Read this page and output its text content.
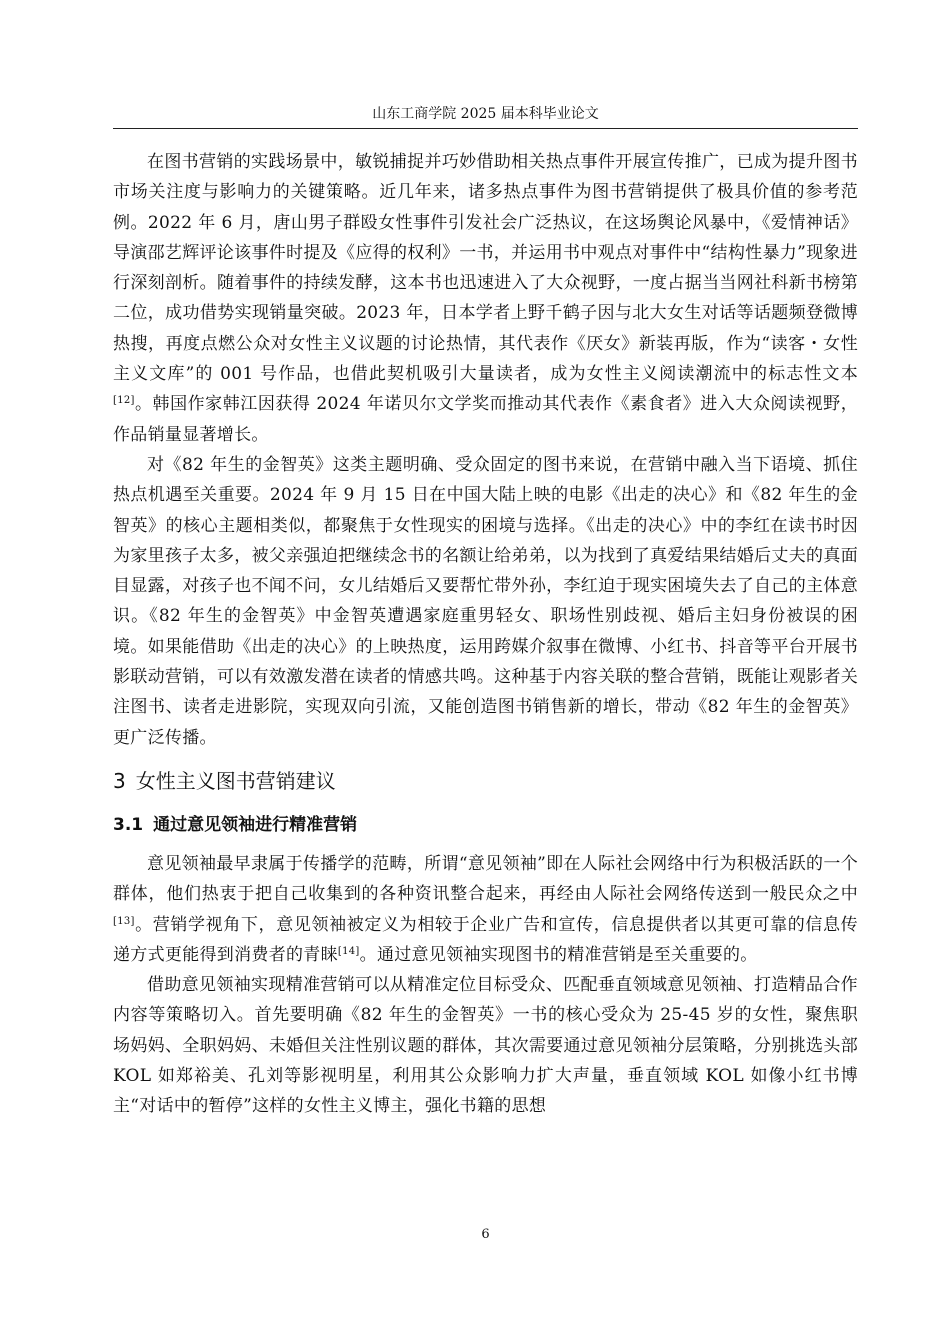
山东工商学院 2025 届本科毕业论文

在图书营销的实践场景中，敏锐捕捉并巧妙借助相关热点事件开展宣传推广，已成为提升图书市场关注度与影响力的关键策略。近几年来，诸多热点事件为图书营销提供了极具价值的参考范例。2022 年 6 月，唐山男子群殴女性事件引发社会广泛热议，在这场舆论风暴中，《爱情神话》导演邵艺辉评论该事件时提及《应得的权利》一书，并运用书中观点对事件中“结构性暴力”现象进行深刻剖析。随着事件的持续发酵，这本书也迅速进入了大众视野，一度占据当当网社科新书榜第二位，成功借势实现销量突破。2023 年，日本学者上野千鹤子因与北大女生对话等话题频登微博热搜，再度点燃公众对女性主义议题的讨论热情，其代表作《厌女》新装再版，作为“读客・女性主义文库”的 001 号作品，也借此契机吸引大量读者，成为女性主义阅读潮流中的标志性文本[12]。韩国作家韩江因获得 2024 年诺贝尔文学奖而推动其代表作《素食者》进入大众阅读视野，作品销量显著增长。

对《82 年生的金智英》这类主题明确、受众固定的图书来说，在营销中融入当下语境、抓住热点机遇至关重要。2024 年 9 月 15 日在中国大陆上映的电影《出走的决心》和《82 年生的金智英》的核心主题相类似，都聚焦于女性现实的困境与选择。《出走的决心》中的李红在读书时因为家里孩子太多，被父亲强迫把继续念书的名额让给弟弟，以为找到了真爱结果结婚后丈夫的真面目显露，对孩子也不闻不问，女儿结婚后又要帮忙带外孙，李红迫于现实困境失去了自己的主体意识。《82 年生的金智英》中金智英遭遇家庭重男轻女、职场性别歧视、婚后主妇身份被误的困境。如果能借助《出走的决心》的上映热度，运用跨媒介叙事在微博、小红书、抖音等平台开展书影联动营销，可以有效激发潜在读者的情感共鸣。这种基于内容关联的整合营销，既能让观影者关注图书、读者走进影院，实现双向引流，又能创造图书销售新的增长，带动《82 年生的金智英》更广泛传播。

3 女性主义图书营销建议
3.1 通过意见领袖进行精准营销

意见领袖最早隶属于传播学的范畴，所谓“意见领袖”即在人际社会网络中行为积极活跃的一个群体，他们热衷于把自己收集到的各种资讯整合起来，再经由人际社会网络传送到一般民众之中[13]。营销学视角下，意见领袖被定义为相较于企业广告和宣传，信息提供者以其更可靠的信息传递方式更能得到消费者的青睐[14]。通过意见领袖实现图书的精准营销是至关重要的。

借助意见领袖实现精准营销可以从精准定位目标受众、匹配垂直领域意见领袖、打造精品合作内容等策略切入。首先要明确《82 年生的金智英》一书的核心受众为 25-45 岁的女性，聚焦职场妈妈、全职妈妈、未婚但关注性别议题的群体，其次需要通过意见领袖分层策略，分别挑选头部 KOL 如郑裕美、孔刘等影视明星，利用其公众影响力扩大声量，垂直领域 KOL 如像小红书博主“对话中的暂停”这样的女性主义博主，强化书籍的思想

6
